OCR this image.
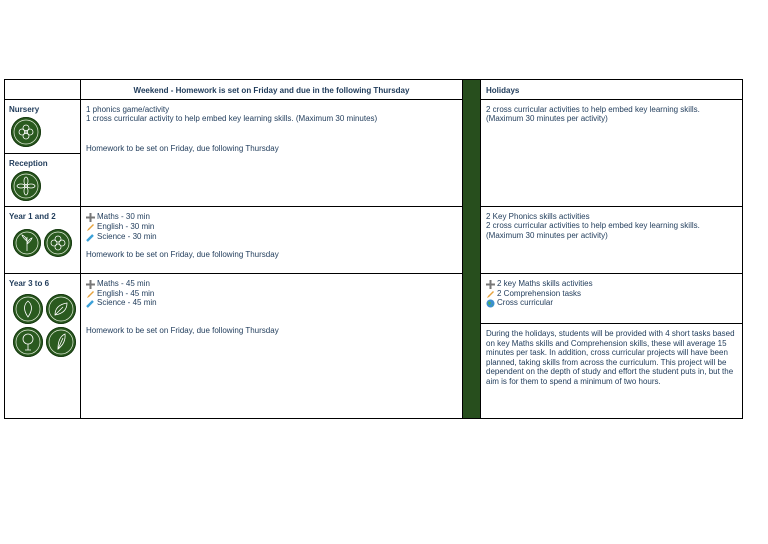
Weekend - Homework is set on Friday and due in the following Thursday	Holidays
Nursery
Reception
Year 1 and 2
Year 3 to 6
1 phonics game/activity
1 cross curricular activity to help embed key learning skills. (Maximum 30 minutes)
Homework to be set on Friday, due following Thursday
Maths - 30 min
English - 30 min
Science - 30 min
Homework to be set on Friday, due following Thursday
Maths - 45 min
English - 45 min
Science - 45 min
Homework to be set on Friday, due following Thursday
2 cross curricular activities to help embed key learning skills.
(Maximum 30 minutes per activity)
2 Key Phonics skills activities
2 cross curricular activities to help embed key learning skills.
(Maximum 30 minutes per activity)
2 key Maths skills activities
2 Comprehension tasks
Cross curricular
During the holidays, students will be provided with 4 short tasks based on key Maths skills and Comprehension skills, these will average 15 minutes per task. In addition, cross curricular projects will have been planned, taking skills from across the curriculum. This project will be dependent on the depth of study and effort the student puts in, but the aim is for them to spend a minimum of two hours.
